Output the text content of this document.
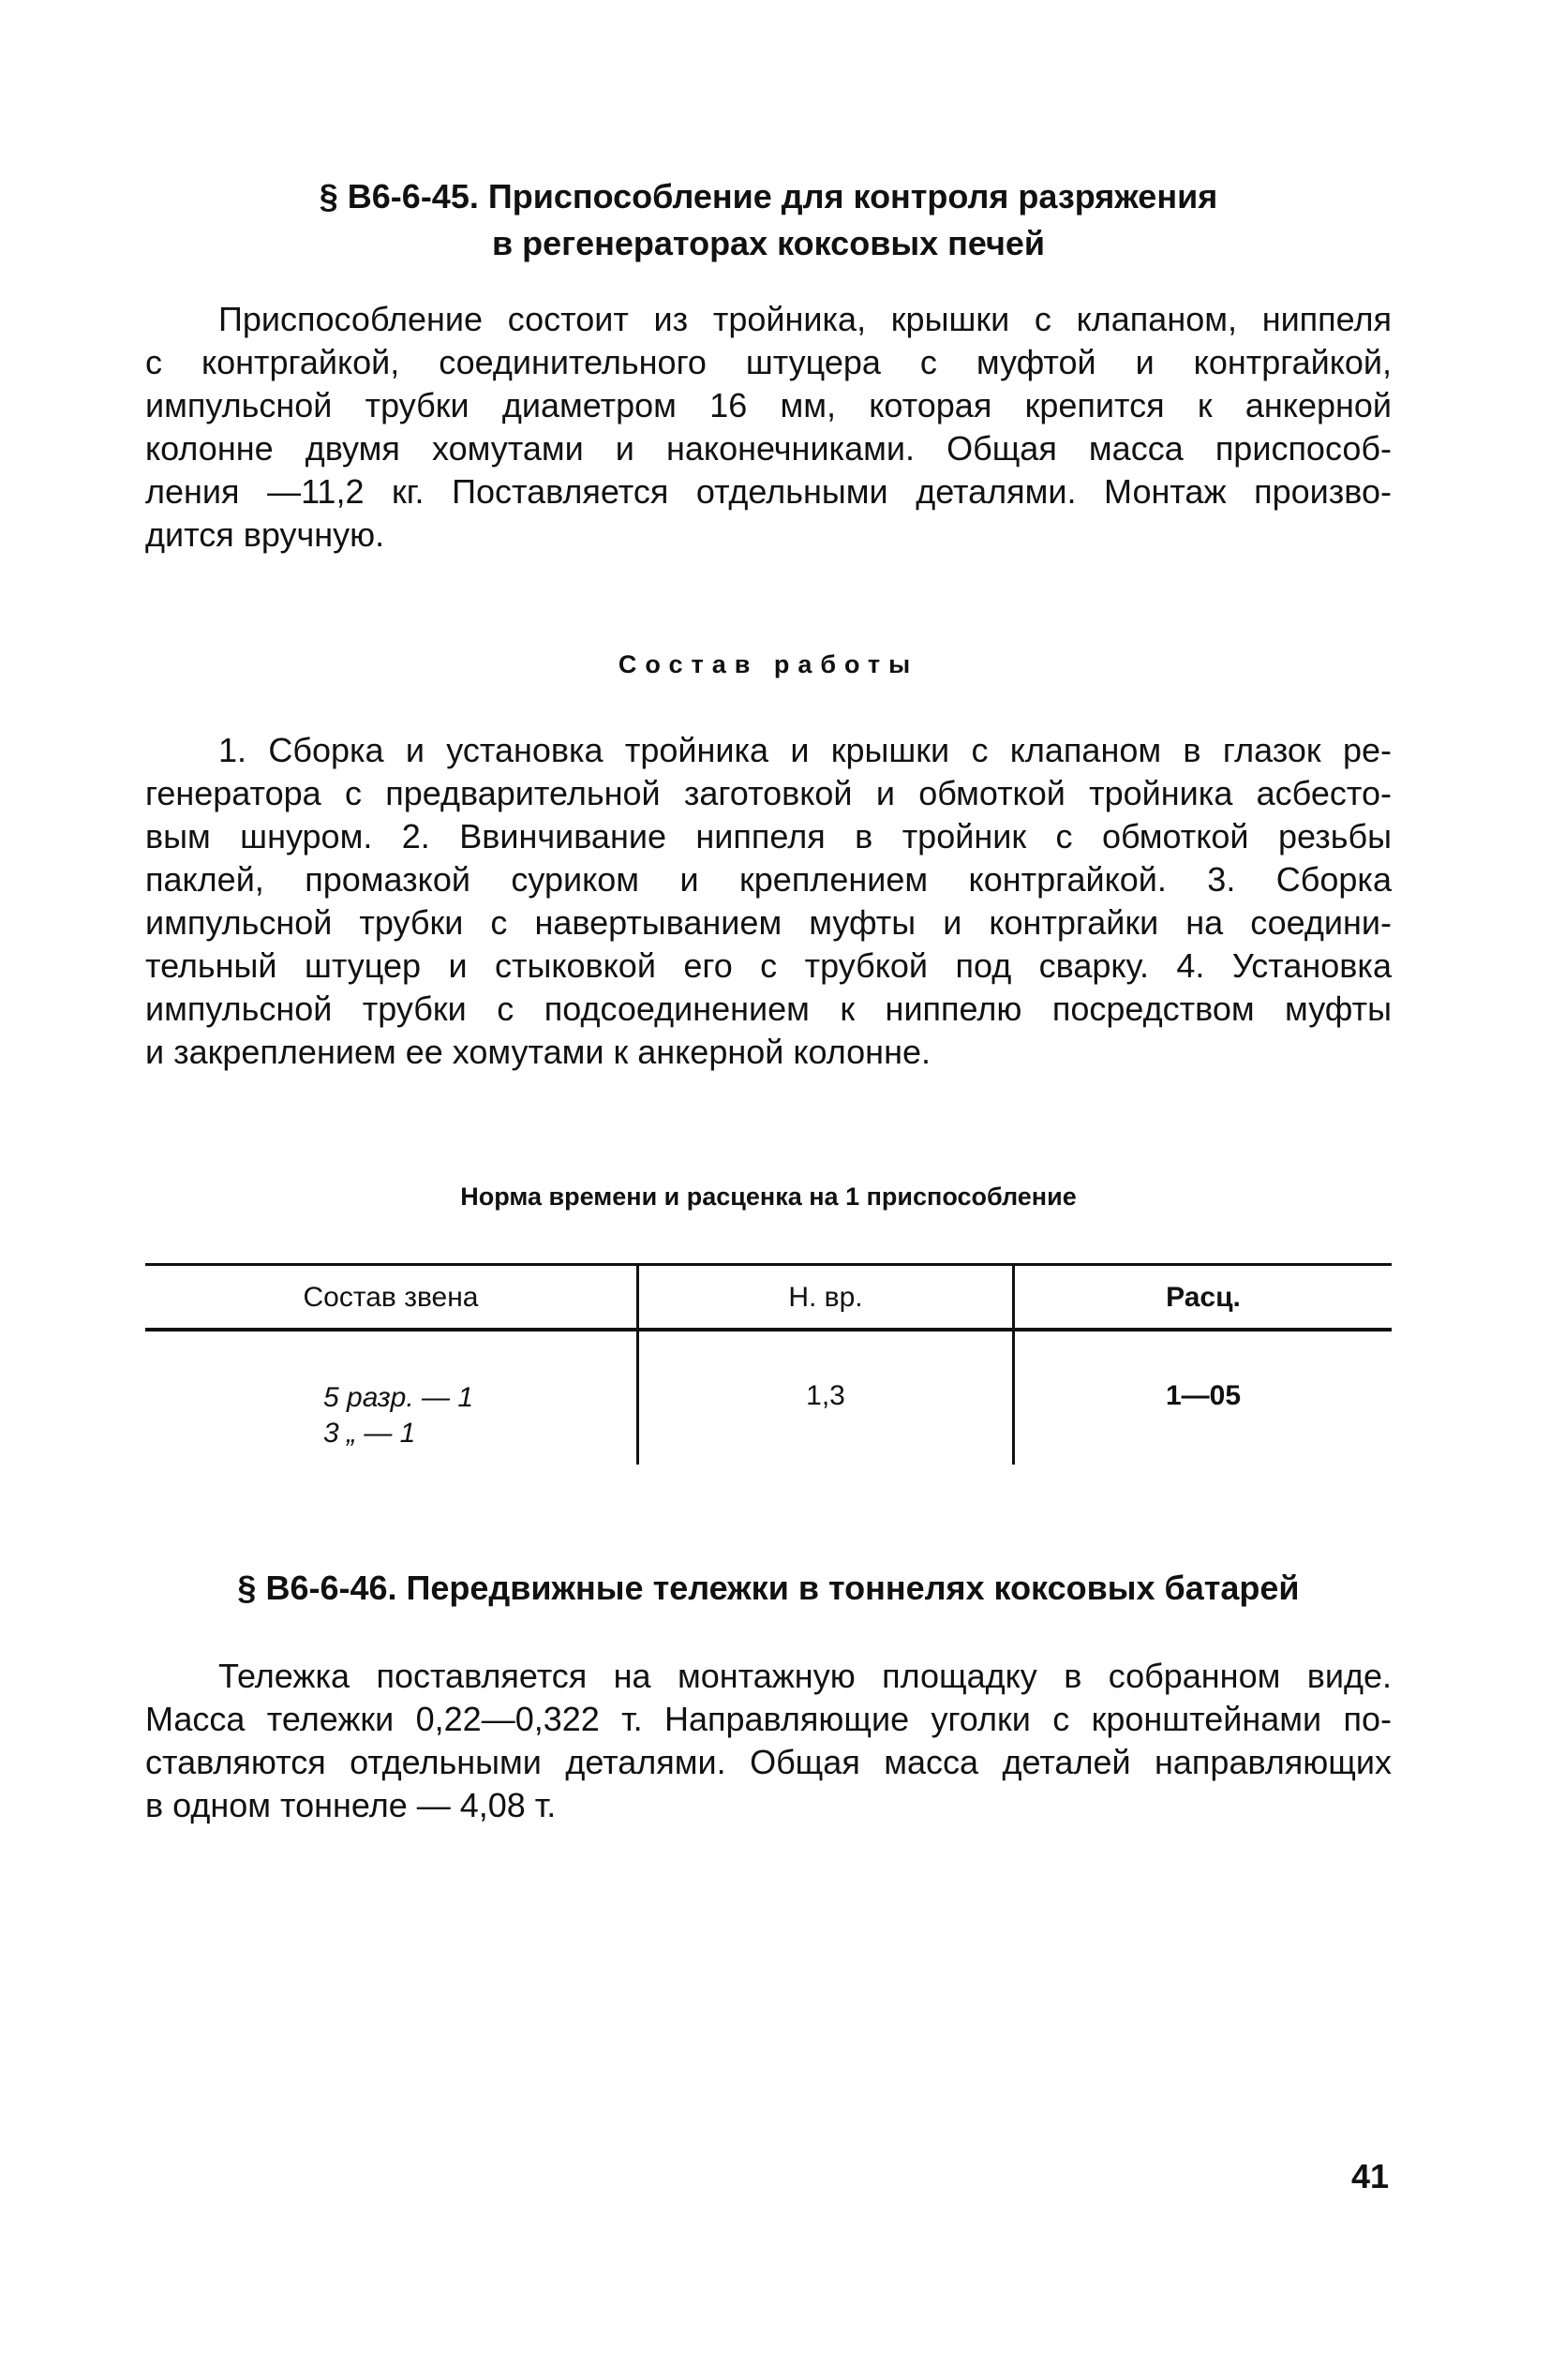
§ В6-6-45. Приспособление для контроля разряжения
в регенераторах коксовых печей
Приспособление состоит из тройника, крышки с клапаном, ниппеля
с контргайкой, соединительного штуцера с муфтой и контргайкой,
импульсной трубки диаметром 16 мм, которая крепится к анкерной
колонне двумя хомутами и наконечниками. Общая масса приспособ-
ления —11,2 кг. Поставляется отдельными деталями. Монтаж произво-
дится вручную.
Состав работы
1. Сборка и установка тройника и крышки с клапаном в глазок ре-
генератора с предварительной заготовкой и обмоткой тройника асбесто-
вым шнуром. 2. Ввинчивание ниппеля в тройник с обмоткой резьбы
паклей, промазкой суриком и креплением контргайкой. 3. Сборка
импульсной трубки с навертыванием муфты и контргайки на соедини-
тельный штуцер и стыковкой его с трубкой под сварку. 4. Установка
импульсной трубки с подсоединением к ниппелю посредством муфты
и закреплением ее хомутами к анкерной колонне.
Норма времени и расценка на 1 приспособление
Состав звена	Н. вр.	Расц.
5 разр. — 1
3 „ — 1
1,3	1—05
§ В6-6-46. Передвижные тележки в тоннелях коксовых батарей
Тележка поставляется на монтажную площадку в собранном виде.
Масса тележки 0,22—0,322 т. Направляющие уголки с кронштейнами по-
ставляются отдельными деталями. Общая масса деталей направляющих
в одном тоннеле — 4,08 т.
41
